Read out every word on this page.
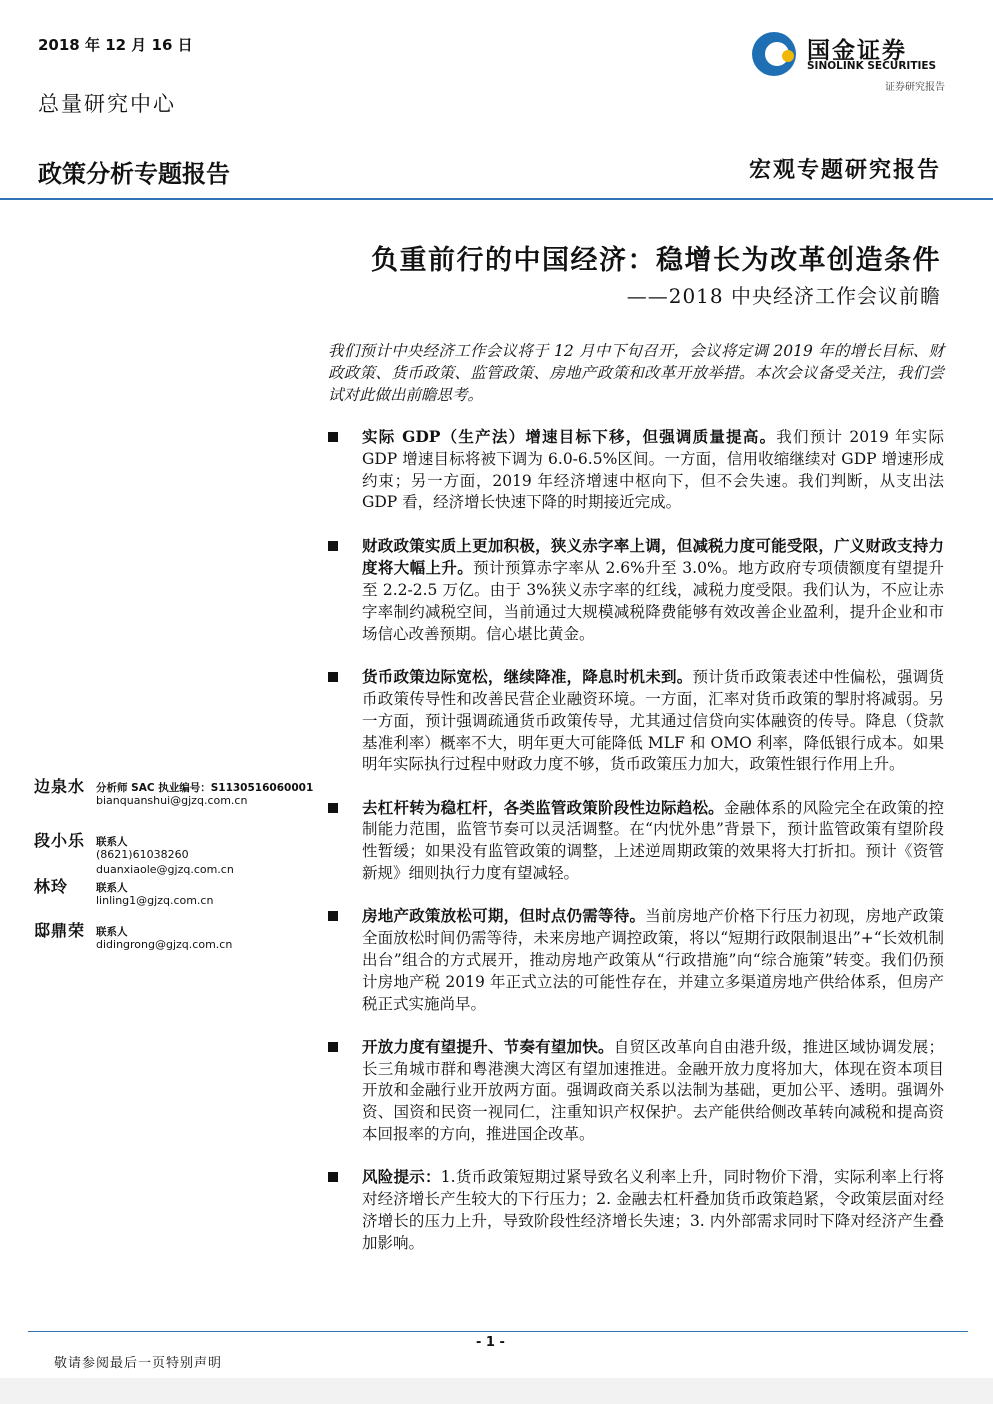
2018 年 12 月 16 日
总量研究中心
政策分析专题报告	宏观专题研究报告
国金证券
SINOLINK SECURITIES
证券研究报告
负重前行的中国经济：稳增长为改革创造条件
——2018 中央经济工作会议前瞻
我们预计中央经济工作会议将于 12 月中下旬召开，会议将定调 2019 年的增长目标、财政政策、货币政策、监管政策、房地产政策和改革开放举措。本次会议备受关注，我们尝试对此做出前瞻思考。
实际 GDP（生产法）增速目标下移，但强调质量提高。我们预计 2019 年实际 GDP 增速目标将被下调为 6.0-6.5%区间。一方面，信用收缩继续对 GDP 增速形成约束；另一方面，2019 年经济增速中枢向下，但不会失速。我们判断，从支出法 GDP 看，经济增长快速下降的时期接近完成。
财政政策实质上更加积极，狭义赤字率上调，但减税力度可能受限，广义财政支持力度将大幅上升。预计预算赤字率从 2.6%升至 3.0%。地方政府专项债额度有望提升至 2.2-2.5 万亿。由于 3%狭义赤字率的红线，减税力度受限。我们认为，不应让赤字率制约减税空间，当前通过大规模减税降费能够有效改善企业盈利，提升企业和市场信心改善预期。信心堪比黄金。
货币政策边际宽松，继续降准，降息时机未到。预计货币政策表述中性偏松，强调货币政策传导性和改善民营企业融资环境。一方面，汇率对货币政策的掣肘将减弱。另一方面，预计强调疏通货币政策传导，尤其通过信贷向实体融资的传导。降息（贷款基准利率）概率不大，明年更大可能降低 MLF 和 OMO 利率，降低银行成本。如果明年实际执行过程中财政力度不够，货币政策压力加大，政策性银行作用上升。
去杠杆转为稳杠杆，各类监管政策阶段性边际趋松。金融体系的风险完全在政策的控制能力范围，监管节奏可以灵活调整。在“内忧外患”背景下，预计监管政策有望阶段性暂缓；如果没有监管政策的调整，上述逆周期政策的效果将大打折扣。预计《资管新规》细则执行力度有望减轻。
房地产政策放松可期，但时点仍需等待。当前房地产价格下行压力初现，房地产政策全面放松时间仍需等待，未来房地产调控政策，将以“短期行政限制退出”+“长效机制出台”组合的方式展开，推动房地产政策从“行政措施”向“综合施策”转变。我们仍预计房地产税 2019 年正式立法的可能性存在，并建立多渠道房地产供给体系，但房产税正式实施尚早。
开放力度有望提升、节奏有望加快。自贸区改革向自由港升级，推进区域协调发展；长三角城市群和粤港澳大湾区有望加速推进。金融开放力度将加大，体现在资本项目开放和金融行业开放两方面。强调政商关系以法制为基础，更加公平、透明。强调外资、国资和民资一视同仁，注重知识产权保护。去产能供给侧改革转向减税和提高资本回报率的方向，推进国企改革。
风险提示：1.货币政策短期过紧导致名义利率上升，同时物价下滑，实际利率上行将对经济增长产生较大的下行压力；2. 金融去杠杆叠加货币政策趋紧，令政策层面对经济增长的压力上升，导致阶段性经济增长失速；3. 内外部需求同时下降对经济产生叠加影响。
边泉水 分析师 SAC 执业编号：S1130516060001
bianquanshui@gjzq.com.cn
段小乐 联系人
(8621)61038260
duanxiaole@gjzq.com.cn
林玲	联系人
linling1@gjzq.com.cn
邸鼎荣 联系人
didingrong@gjzq.com.cn
- 1 -
敬请参阅最后一页特别声明
